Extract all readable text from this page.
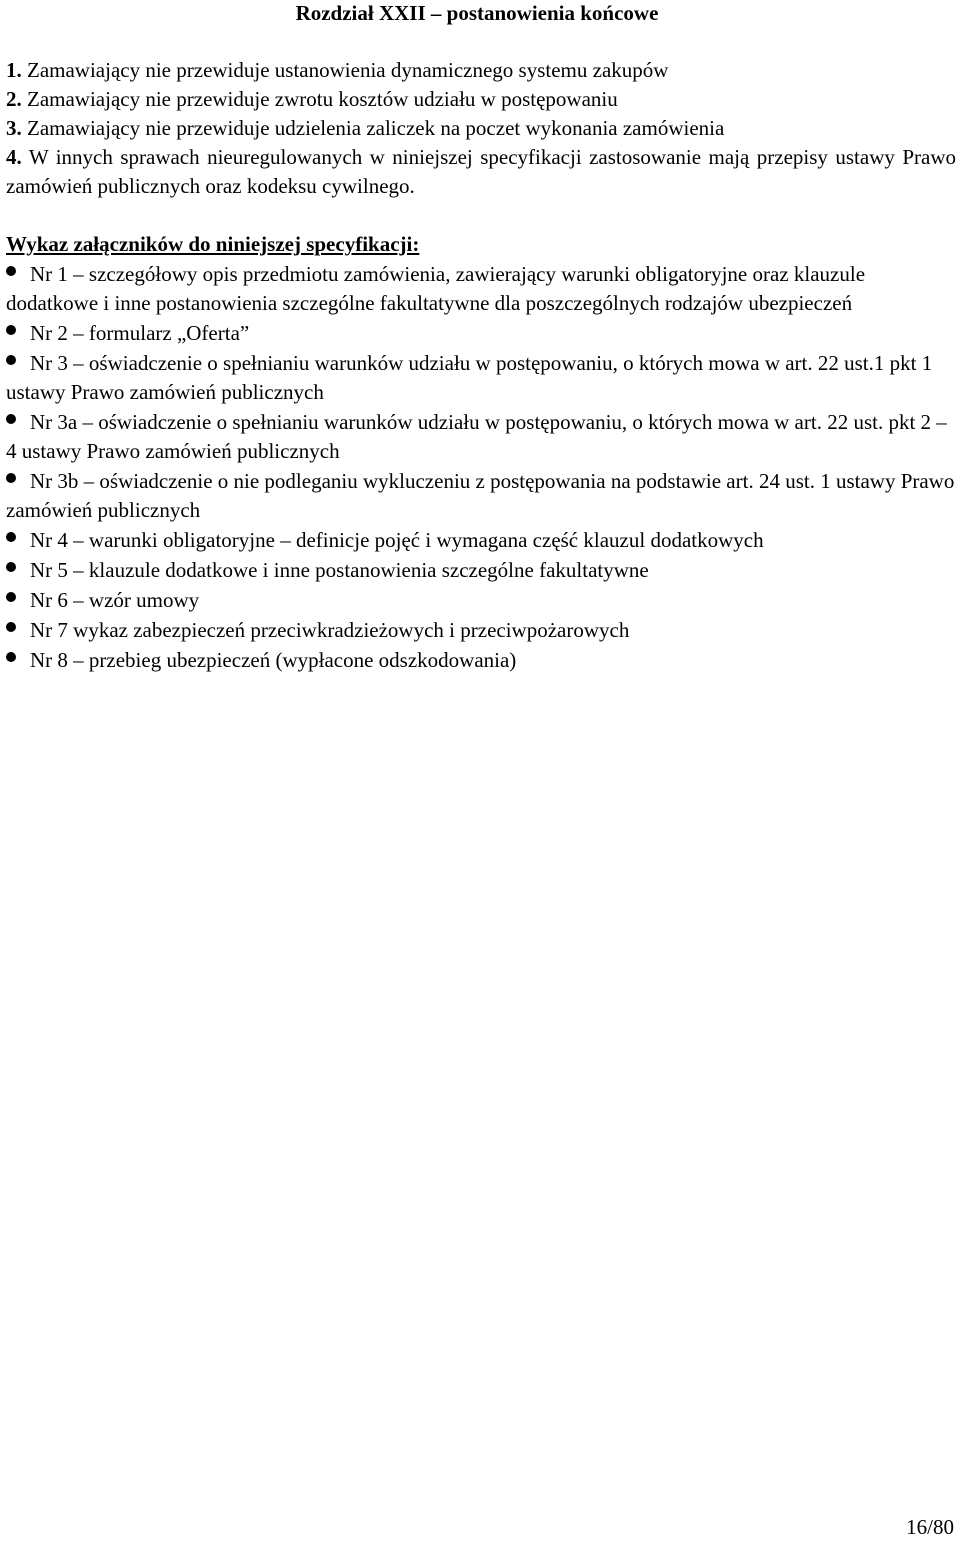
Rozdział XXII – postanowienia końcowe
1. Zamawiający nie przewiduje ustanowienia dynamicznego systemu zakupów
2. Zamawiający nie przewiduje zwrotu kosztów udziału w postępowaniu
3. Zamawiający nie przewiduje udzielenia zaliczek na poczet wykonania zamówienia
4. W innych sprawach nieuregulowanych w niniejszej specyfikacji zastosowanie mają przepisy ustawy Prawo zamówień publicznych oraz kodeksu cywilnego.
Wykaz załączników do niniejszej specyfikacji:
Nr 1 – szczegółowy opis przedmiotu zamówienia, zawierający warunki obligatoryjne oraz klauzule dodatkowe i inne postanowienia szczególne fakultatywne dla poszczególnych rodzajów ubezpieczeń
Nr 2 – formularz „Oferta”
Nr 3 – oświadczenie o spełnianiu warunków udziału w postępowaniu, o których mowa w art. 22 ust.1 pkt 1 ustawy Prawo zamówień publicznych
Nr 3a – oświadczenie o spełnianiu warunków udziału w postępowaniu, o których mowa w art. 22 ust. pkt 2 – 4 ustawy Prawo zamówień publicznych
Nr 3b – oświadczenie o nie podleganiu wykluczeniu z postępowania na podstawie art. 24 ust. 1 ustawy Prawo zamówień publicznych
Nr 4 – warunki obligatoryjne – definicje pojęć i wymagana część klauzul dodatkowych
Nr 5 – klauzule dodatkowe i inne postanowienia szczególne fakultatywne
Nr 6 – wzór umowy
Nr 7 wykaz zabezpieczeń przeciwkradzieżowych i przeciwpożarowych
Nr 8 – przebieg ubezpieczeń (wypłacone odszkodowania)
16/80
